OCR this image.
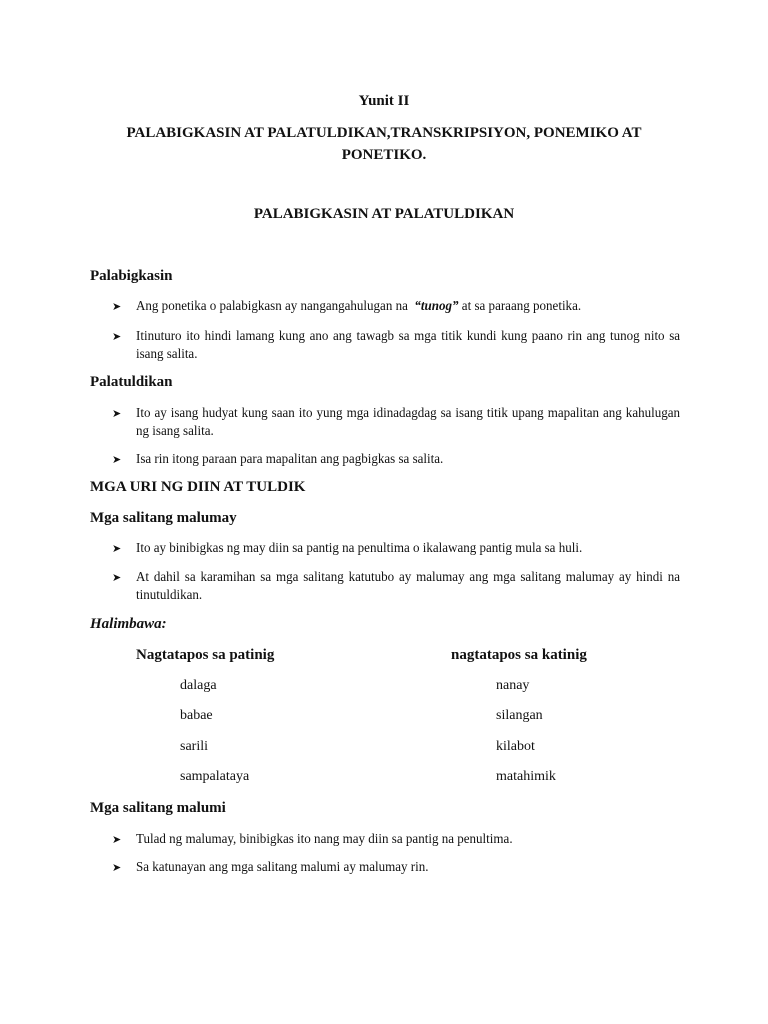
Yunit II
PALABIGKASIN AT PALATULDIKAN,TRANSKRIPSIYON, PONEMIKO AT PONETIKO.
PALABIGKASIN AT PALATULDIKAN
Palabigkasin
➤ Ang ponetika o palabigkasn ay nangangahulugan na “tunog” at sa paraang ponetika.
➤ Itinuturo ito hindi lamang kung ano ang tawagb sa mga titik kundi kung paano rin ang tunog nito sa isang salita.
Palatuldikan
➤ Ito ay isang hudyat kung saan ito yung mga idinadagdag sa isang titik upang mapalitan ang kahulugan ng isang salita.
➤ Isa rin itong paraan para mapalitan ang pagbigkas sa salita.
MGA URI NG DIIN AT TULDIK
Mga salitang malumay
➤ Ito ay binibigkas ng may diin sa pantig na penultima o ikalawang pantig mula sa huli.
➤ At dahil sa karamihan sa mga salitang katutubo ay malumay ang mga salitang malumay ay hindi na tinutuldikan.
Halimbawa:
Nagtatapos sa patinig	nagtatapos sa katinig
dalaga
babae
sarili
sampalataya
nanay
silangan
kilabot
matahimik
Mga salitang malumi
➤ Tulad ng malumay, binibigkas ito nang may diin sa pantig na penultima.
➤ Sa katunayan ang mga salitang malumi ay malumay rin.
